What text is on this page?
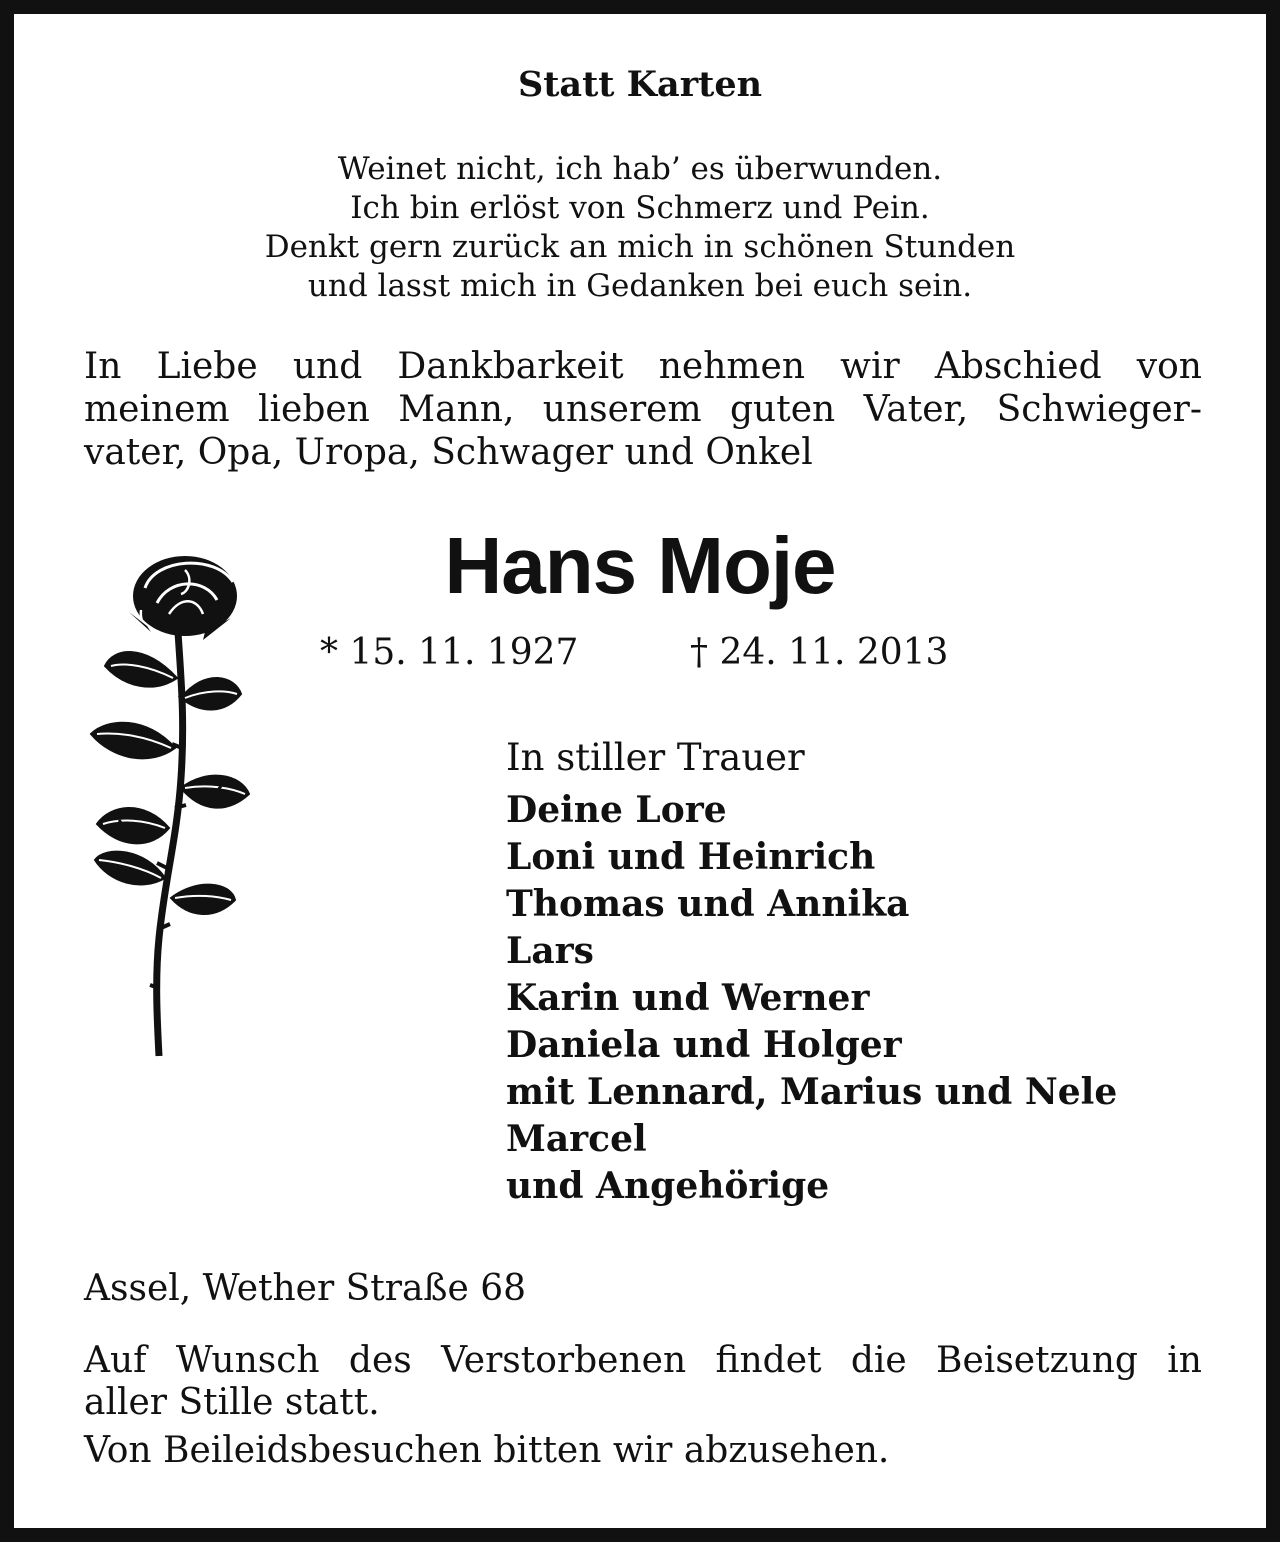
Statt Karten
Weinet nicht, ich hab’ es überwunden.
Ich bin erlöst von Schmerz und Pein.
Denkt gern zurück an mich in schönen Stunden
und lasst mich in Gedanken bei euch sein.
In Liebe und Dankbarkeit nehmen wir Abschied von
meinem lieben Mann, unserem guten Vater, Schwieger-
vater, Opa, Uropa, Schwager und Onkel
Hans Moje
* 15. 11. 1927	† 24. 11. 2013
In stiller Trauer
Deine Lore
Loni und Heinrich
Thomas und Annika
Lars
Karin und Werner
Daniela und Holger
mit Lennard, Marius und Nele
Marcel
und Angehörige
Assel, Wether Straße 68
Auf Wunsch des Verstorbenen findet die Beisetzung in
aller Stille statt.
Von Beileidsbesuchen bitten wir abzusehen.
